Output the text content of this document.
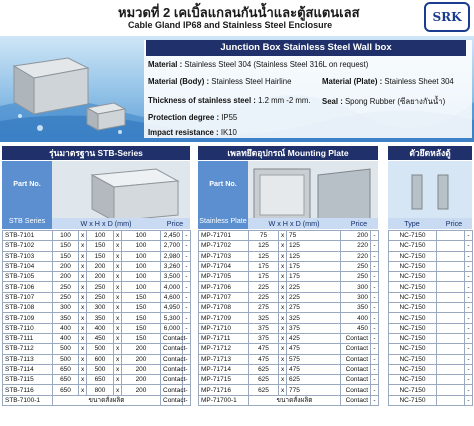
หมวดที่ 2 เคเบิ้ลแกลนกันน้ำและตู้สแตนเลส
Cable Gland IP68 and Stainless Steel Enclosure
SRK
Junction Box Stainless Steel Wall box
Material : Stainless Steel 304 (Stainless Steel 316L on request)
Material (Body) : Stainless Steel Hairline	Material (Plate) : Stainless Sheet 304
Thickness of stainless steel : 1.2 mm -2 mm. Seal : Spong Rubber (ซีลยางกันน้ำ)
Protection degree : IP55
Impact resistance : IK10
รุ่นมาตรฐาน STB-Series	เพลทยึดอุปกรณ์ Mounting Plate	ตัวยึดหลังตู้
Part No.
STB Series	W x H x D (mm)	Price
Part No.
Stainless Plate	W x H x D (mm)	Price	Type	Price
STB-7101	100	x	100	x	100	2,450	-
STB-7102	150	x	150	x	100	2,700	-
STB-7103	150	x	150	x	100	2,980	-
STB-7104	200	x	200	x	100	3,260	-
STB-7105	200	x	200	x	100	3,500	-
STB-7106	250	x	250	x	100	4,000	-
STB-7107	250	x	250	x	150	4,600	-
STB-7108	300	x	300	x	150	4,950	-
STB-7109	350	x	350	x	150	5,300	-
STB-7110	400	x	400	x	150	6,000	-
STB-7111	400	x	450	x	150	Contact	-
STB-7112	500	x	500	x	200	Contact	-
STB-7113	500	x	600	x	200	Contact	-
STB-7114	650	x	500	x	200	Contact	-
STB-7115	650	x	650	x	200	Contact	-
STB-7116	650	x	800	x	200	Contact	-
STB-7100-1	ขนาดสั่งผลิต					Contact	-
MP-71701	75	x	75	200	-
MP-71702	125	x	125	220	-
MP-71703	125	x	125	220	-
MP-71704	175	x	175	250	-
MP-71705	175	x	175	250	-
MP-71706	225	x	225	300	-
MP-71707	225	x	225	300	-
MP-71708	275	x	275	350	-
MP-71709	325	x	325	400	-
MP-71710	375	x	375	450	-
MP-71711	375	x	425	Contact	-
MP-71712	475	x	475	Contact	-
MP-71713	475	x	575	Contact	-
MP-71714	625	x	475	Contact	-
MP-71715	625	x	625	Contact	-
MP-71716	625	x	775	Contact	-
MP-71700-1	ขนาดสั่งผลิต			Contact	-
NC-7150		-
NC-7150		-
NC-7150		-
NC-7150		-
NC-7150		-
NC-7150		-
NC-7150		-
NC-7150		-
NC-7150		-
NC-7150		-
NC-7150		-
NC-7150		-
NC-7150		-
NC-7150		-
NC-7150		-
NC-7150		-
NC-7150		-
